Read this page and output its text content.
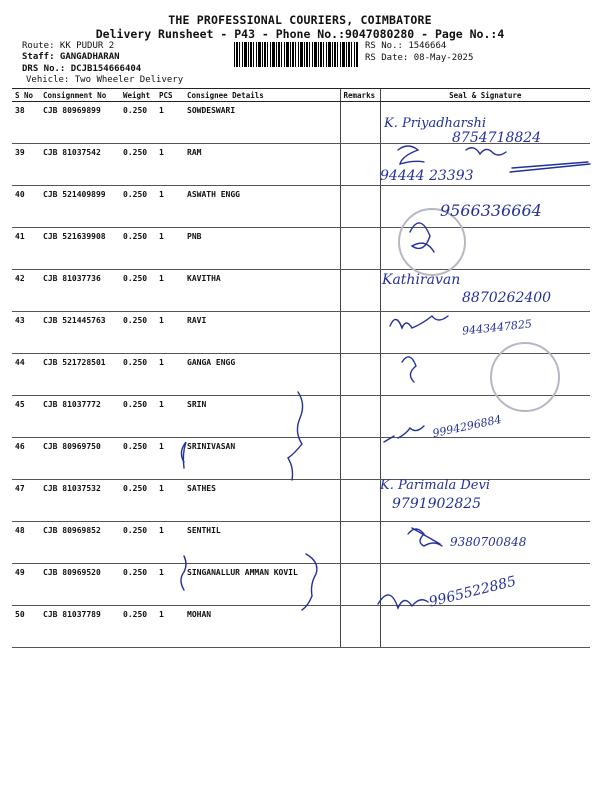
THE PROFESSIONAL COURIERS, COIMBATORE
Delivery Runsheet - P43 - Phone No.:9047080280 - Page No.:4
Route: KK PUDUR 2
Staff: GANGADHARAN
DRS No.: DCJB154666404
Vehicle: Two Wheeler Delivery
RS No.: 1546664
RS Date: 08-May-2025
S No	Consignment No	Weight	PCS	Consignee Details	Remarks	Seal & Signature
38	CJB 80969899	0.250	1	SOWDESWARI		
39	CJB 81037542	0.250	1	RAM		
40	CJB 521409899	0.250	1	ASWATH ENGG		
41	CJB 521639908	0.250	1	PNB		
42	CJB 81037736	0.250	1	KAVITHA		
43	CJB 521445763	0.250	1	RAVI		
44	CJB 521728501	0.250	1	GANGA ENGG		
45	CJB 81037772	0.250	1	SRIN		
46	CJB 80969750	0.250	1	SRINIVASAN		
47	CJB 81037532	0.250	1	SATHES		
48	CJB 80969852	0.250	1	SENTHIL		
49	CJB 80969520	0.250	1	SINGANALLUR AMMAN KOVIL		
50	CJB 81037789	0.250	1	MOHAN		
K. Priyadharshi
8754718824
94444 23393
9566336664
Kathiravan
8870262400
9443447825
9994296884
K. Parimala Devi
9791902825
9380700848
9965522885
